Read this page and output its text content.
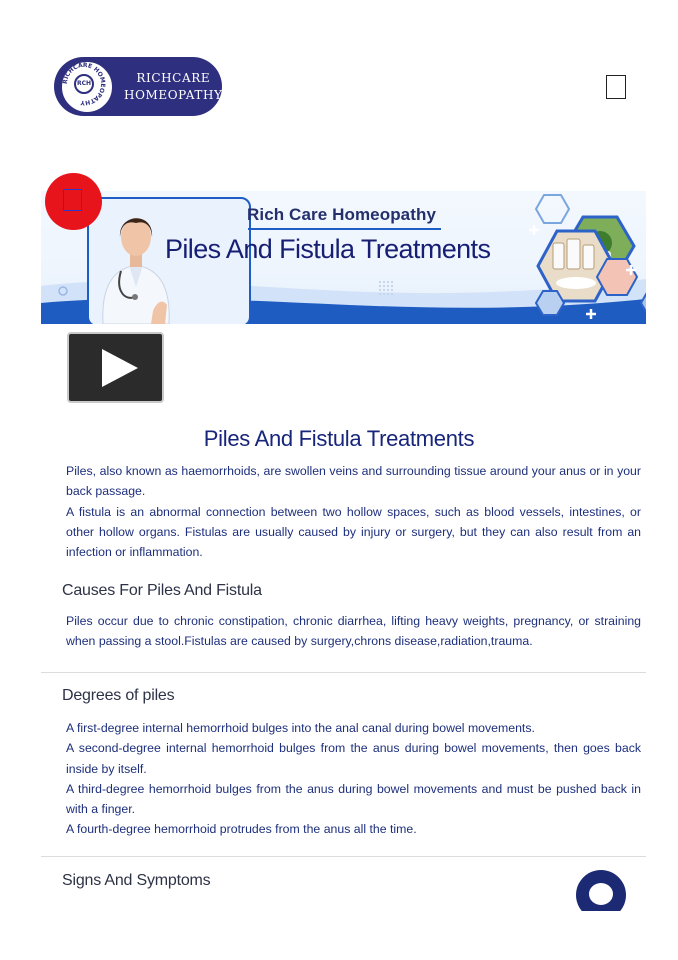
RICHCARE HOMEOPATHY
RCH	RICHCARE
HOMEOPATHY
Rich Care Homeopathy
Piles And Fistula Treatments
Piles And Fistula Treatments

Piles, also known as haemorrhoids, are swollen veins and surrounding tissue around your anus or in your back passage.

A fistula is an abnormal connection between two hollow spaces, such as blood vessels, intestines, or other hollow organs. Fistulas are usually caused by injury or surgery, but they can also result from an infection or inflammation.

Causes For Piles And Fistula

Piles occur due to chronic constipation, chronic diarrhea, lifting heavy weights, pregnancy, or straining when passing a stool.Fistulas are caused by surgery,chrons disease,radiation,trauma.

Degrees of piles

A first-degree internal hemorrhoid bulges into the anal canal during bowel movements.

A second-degree internal hemorrhoid bulges from the anus during bowel movements, then goes back inside by itself.

A third-degree hemorrhoid bulges from the anus during bowel movements and must be pushed back in with a finger.

A fourth-degree hemorrhoid protrudes from the anus all the time.

Signs And Symptoms
